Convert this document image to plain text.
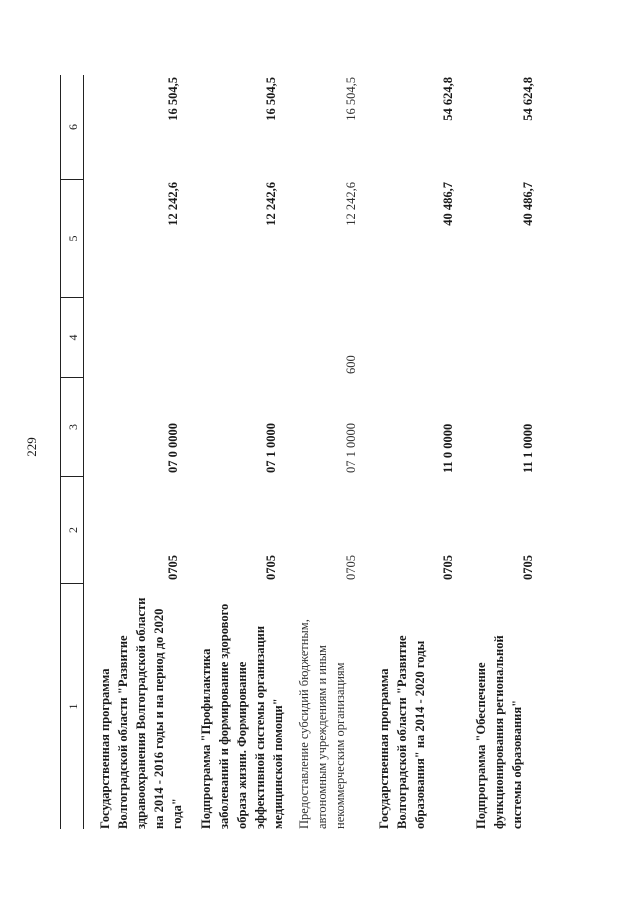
229
1
2
3
4
5
6
Государственная программа Волгоградской области "Развитие здравоохранения Волгоградской области на 2014 - 2016 годы и на период до 2020 года"
0705
07 0 0000
12 242,6
16 504,5
Подпрограмма "Профилактика заболеваний и формирование здорового образа жизни. Формирование эффективной системы организации медицинской помощи"
0705
07 1 0000
12 242,6
16 504,5
Предоставление субсидий бюджетным, автономным учреждениям и иным некоммерческим организациям
0705
07 1 0000
600
12 242,6
16 504,5
Государственная программа Волгоградской области "Развитие образования" на 2014 - 2020 годы
0705
11 0 0000
40 486,7
54 624,8
Подпрограмма "Обеспечение функционирования региональной системы образования"
0705
11 1 0000
40 486,7
54 624,8
